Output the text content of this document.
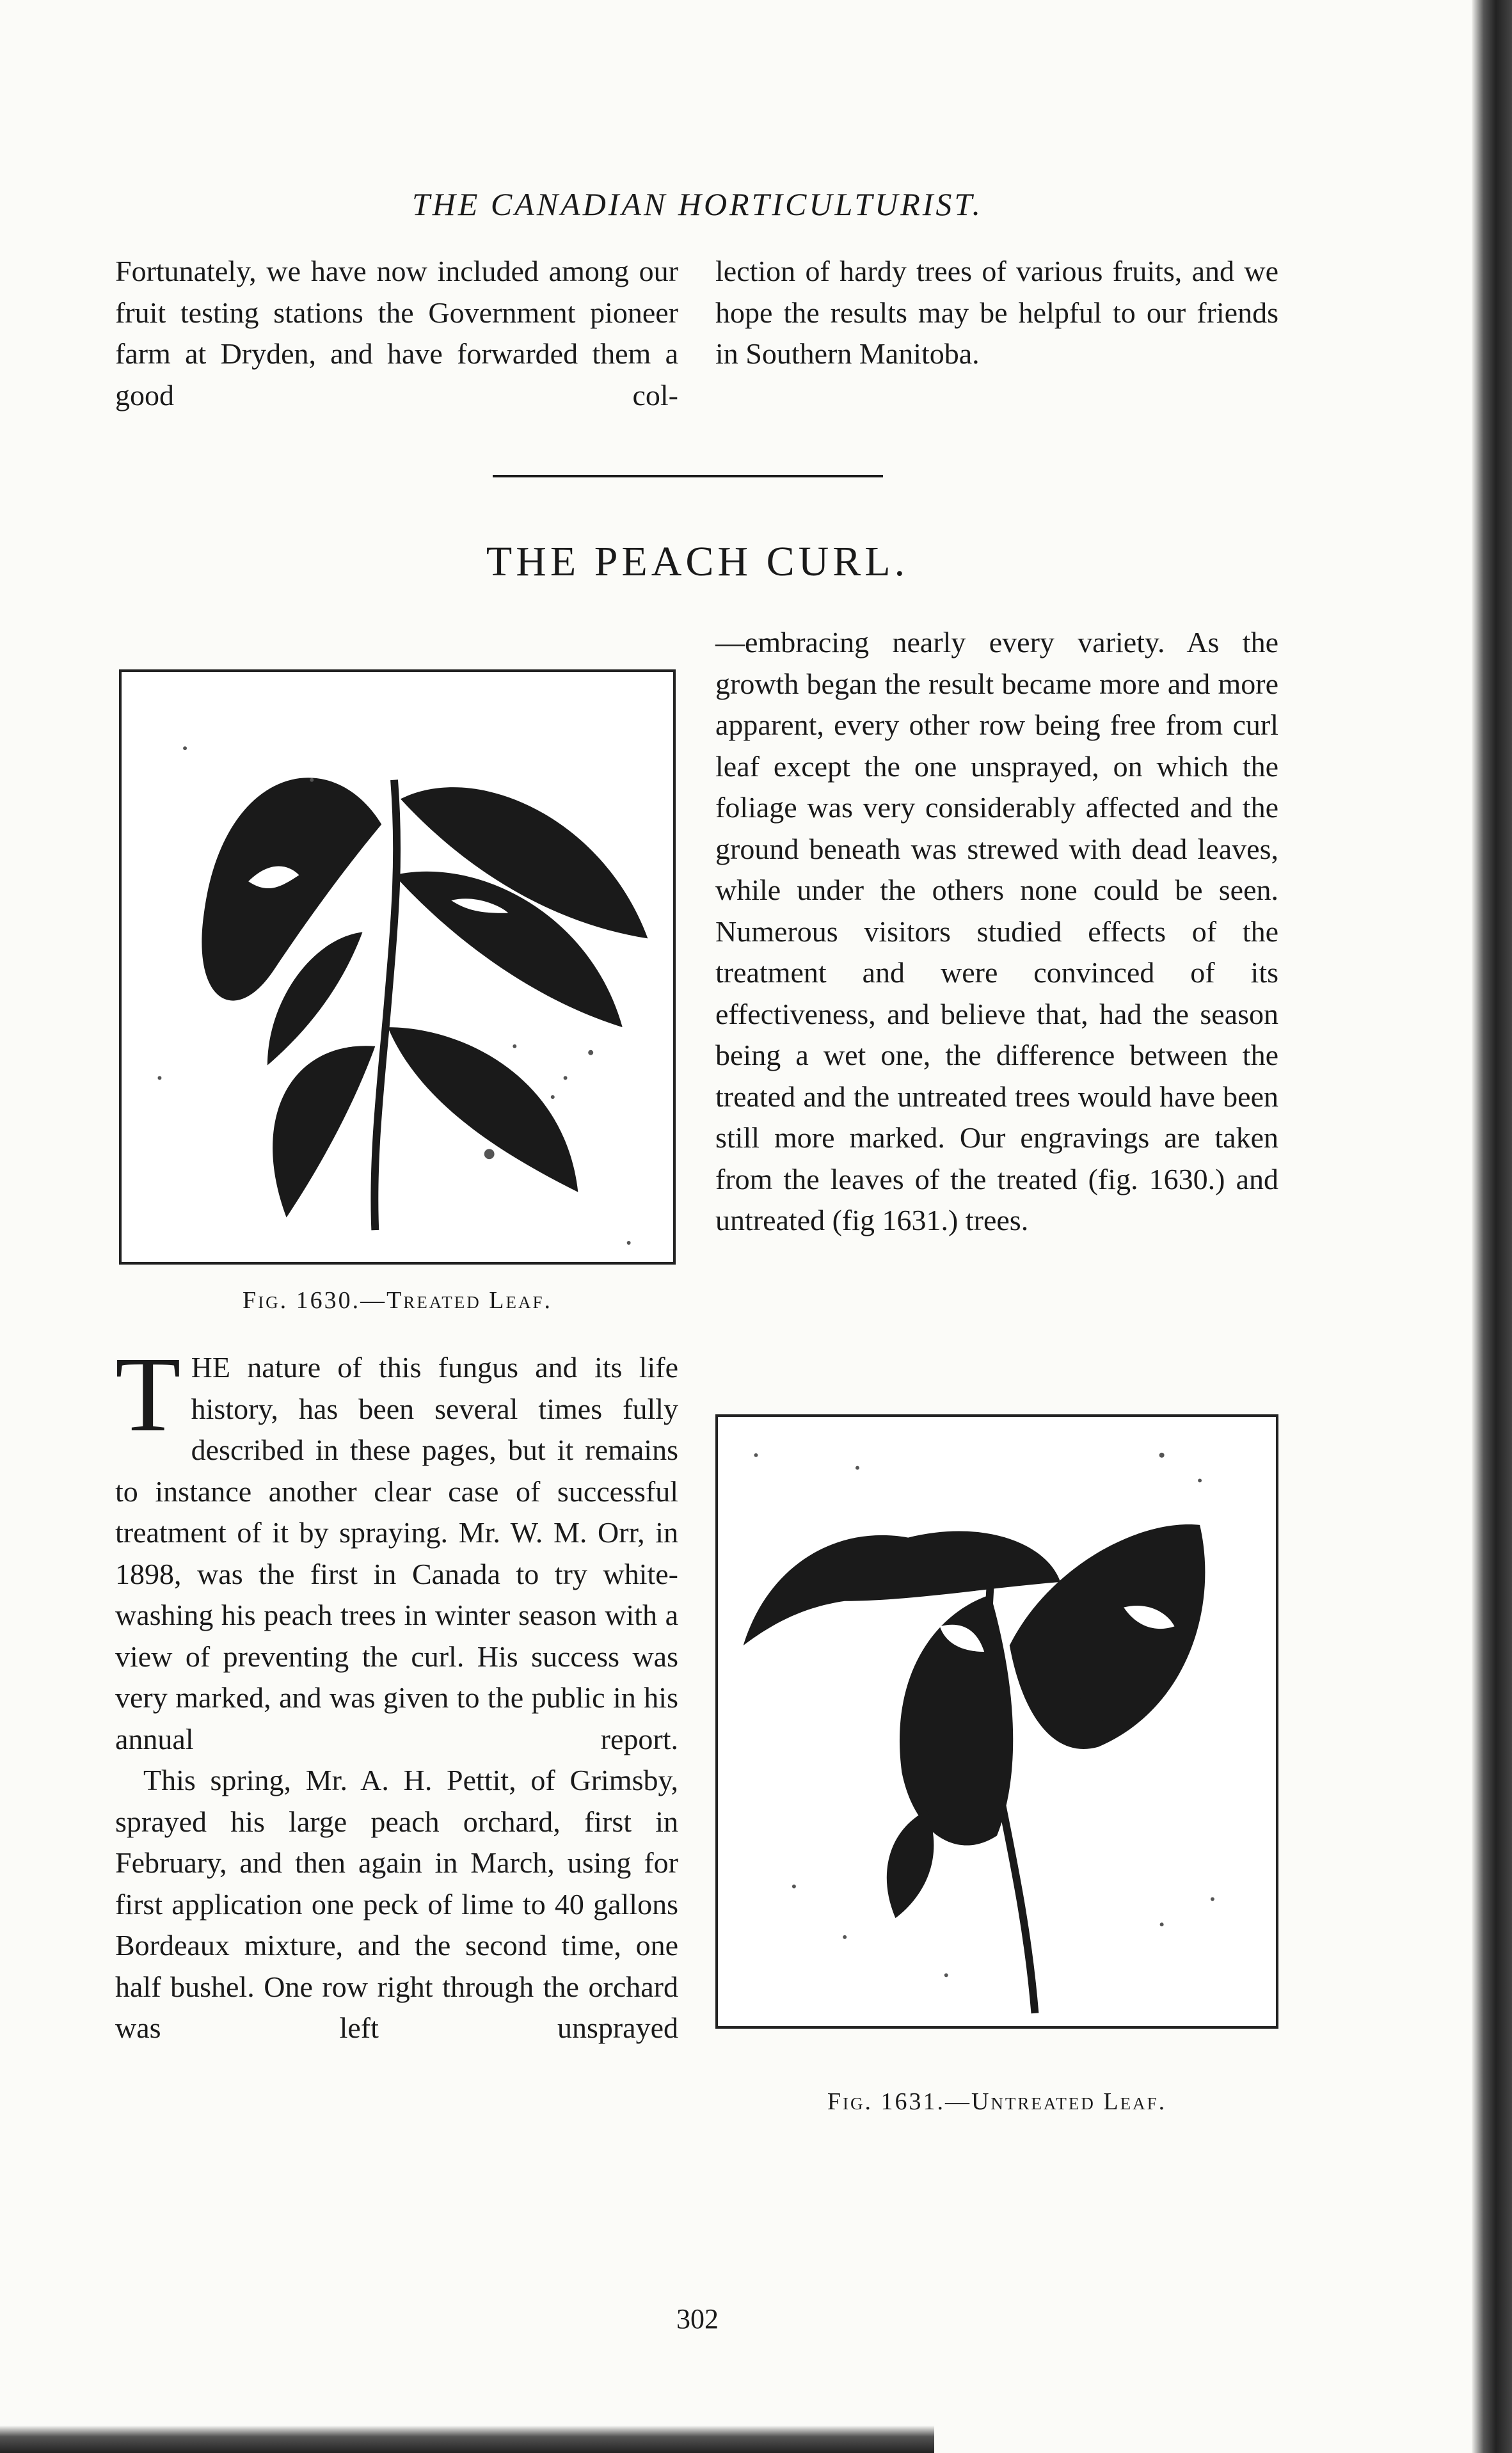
THE CANADIAN HORTICULTURIST.

Fortunately, we have now included among our fruit testing stations the Government pioneer farm at Dryden, and have forwarded them a good col-

lection of hardy trees of various fruits, and we hope the results may be helpful to our friends in Southern Manitoba.

THE PEACH CURL.
Fig. 1630.—Treated Leaf.
T HE nature of this fungus and its life history, has been several times fully described in these pages, but it remains to instance another clear case of successful treatment of it by spraying. Mr. W. M. Orr, in 1898, was the first in Canada to try white-washing his peach trees in winter season with a view of preventing the curl. His success was very marked, and was given to the public in his annual report.

This spring, Mr. A. H. Pettit, of Grimsby, sprayed his large peach orchard, first in February, and then again in March, using for first application one peck of lime to 40 gallons Bordeaux mixture, and the second time, one half bushel. One row right through the orchard was left unsprayed

—embracing nearly every variety. As the growth began the result became more and more apparent, every other row being free from curl leaf except the one unsprayed, on which the foliage was very considerably affected and the ground beneath was strewed with dead leaves, while under the others none could be seen. Numerous visitors studied effects of the treatment and were convinced of its effectiveness, and believe that, had the season being a wet one, the difference between the treated and the untreated trees would have been still more marked. Our engravings are taken from the leaves of the treated (fig. 1630.) and untreated (fig 1631.) trees.

Fig. 1631.—Untreated Leaf.
302
